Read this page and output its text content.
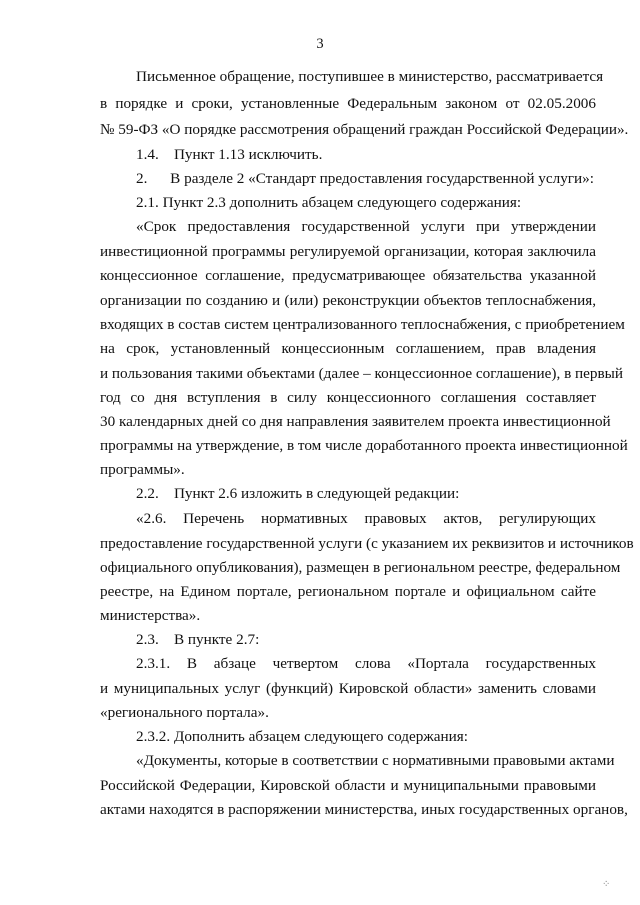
3

Письменное обращение, поступившее в министерство, рассматривается

в порядке и сроки, установленные Федеральным законом от 02.05.2006

№ 59-ФЗ «О порядке рассмотрения обращений граждан Российской Федерации».

1.4.    Пункт 1.13 исключить.

2.      В разделе 2 «Стандарт предоставления государственной услуги»:

2.1. Пункт 2.3 дополнить абзацем следующего содержания:

«Срок предоставления государственной услуги при утверждении

инвестиционной программы регулируемой организации, которая заключила

концессионное соглашение, предусматривающее обязательства указанной

организации по созданию и (или) реконструкции объектов теплоснабжения,

входящих в состав систем централизованного теплоснабжения, с приобретением

на срок, установленный концессионным соглашением, прав владения

и пользования такими объектами (далее – концессионное соглашение), в первый

год со дня вступления в силу концессионного соглашения составляет

30 календарных дней со дня направления заявителем проекта инвестиционной

программы на утверждение, в том числе доработанного проекта инвестиционной

программы».

2.2.    Пункт 2.6 изложить в следующей редакции:

«2.6. Перечень нормативных правовых актов, регулирующих

предоставление государственной услуги (с указанием их реквизитов и источников

официального опубликования), размещен в региональном реестре, федеральном

реестре, на Едином портале, региональном портале и официальном сайте

министерства».

2.3.    В пункте 2.7:

2.3.1. В абзаце четвертом слова «Портала государственных

и муниципальных услуг (функций) Кировской области» заменить словами

«регионального портала».

2.3.2. Дополнить абзацем следующего содержания:

«Документы, которые в соответствии с нормативными правовыми актами

Российской Федерации, Кировской области и муниципальными правовыми

актами находятся в распоряжении министерства, иных государственных органов,

⁘
